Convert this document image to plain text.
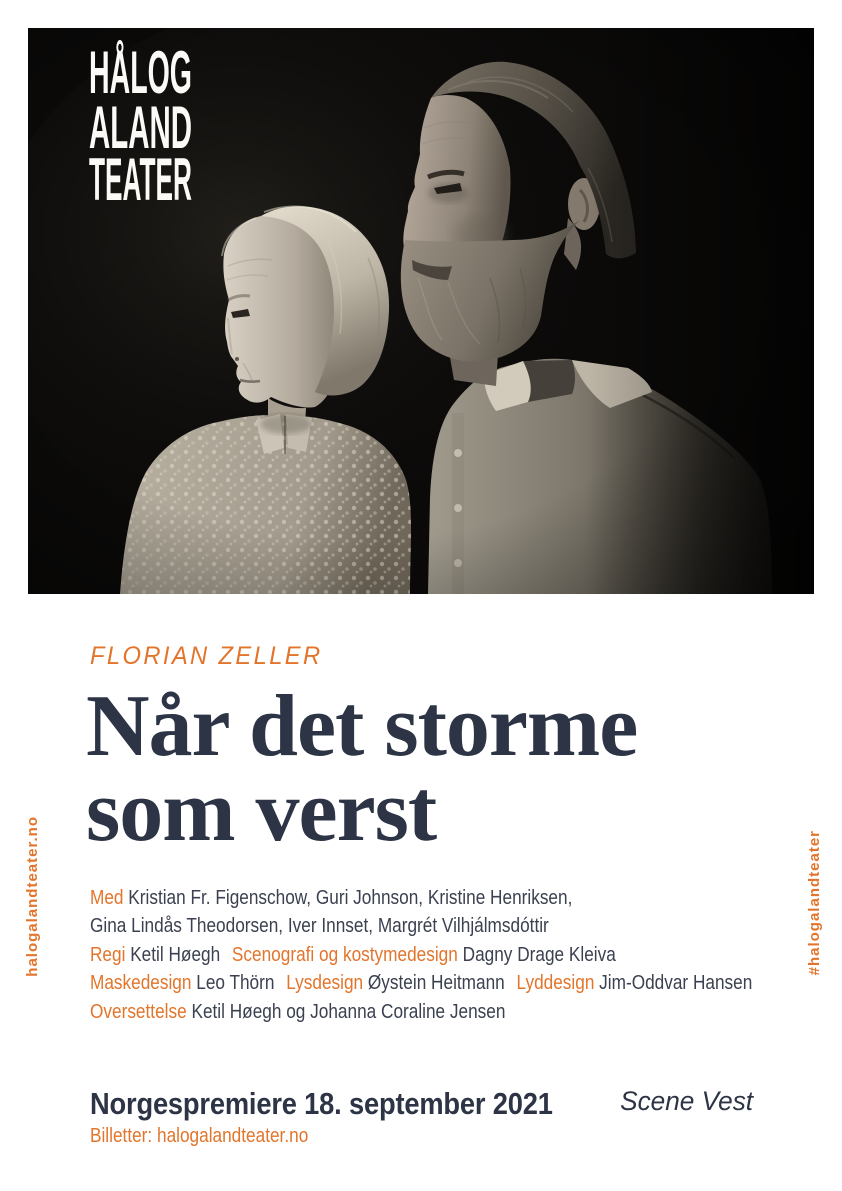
HÅLOG
ALAND
TEATER
FLORIAN ZELLER
Når det storme
som verst
Med Kristian Fr. Figenschow, Guri Johnson, Kristine Henriksen,
Gina Lindås Theodorsen, Iver Innset, Margrét Vilhjálmsdóttir
Regi Ketil Høegh Scenografi og kostymedesign Dagny Drage Kleiva
Maskedesign Leo Thörn Lysdesign Øystein Heitmann Lyddesign Jim-Oddvar Hansen
Oversettelse Ketil Høegh og Johanna Coraline Jensen
Norgespremiere 18. september 2021 Scene Vest
Billetter: halogalandteater.no
halogalandteater.no	#halogalandteater
